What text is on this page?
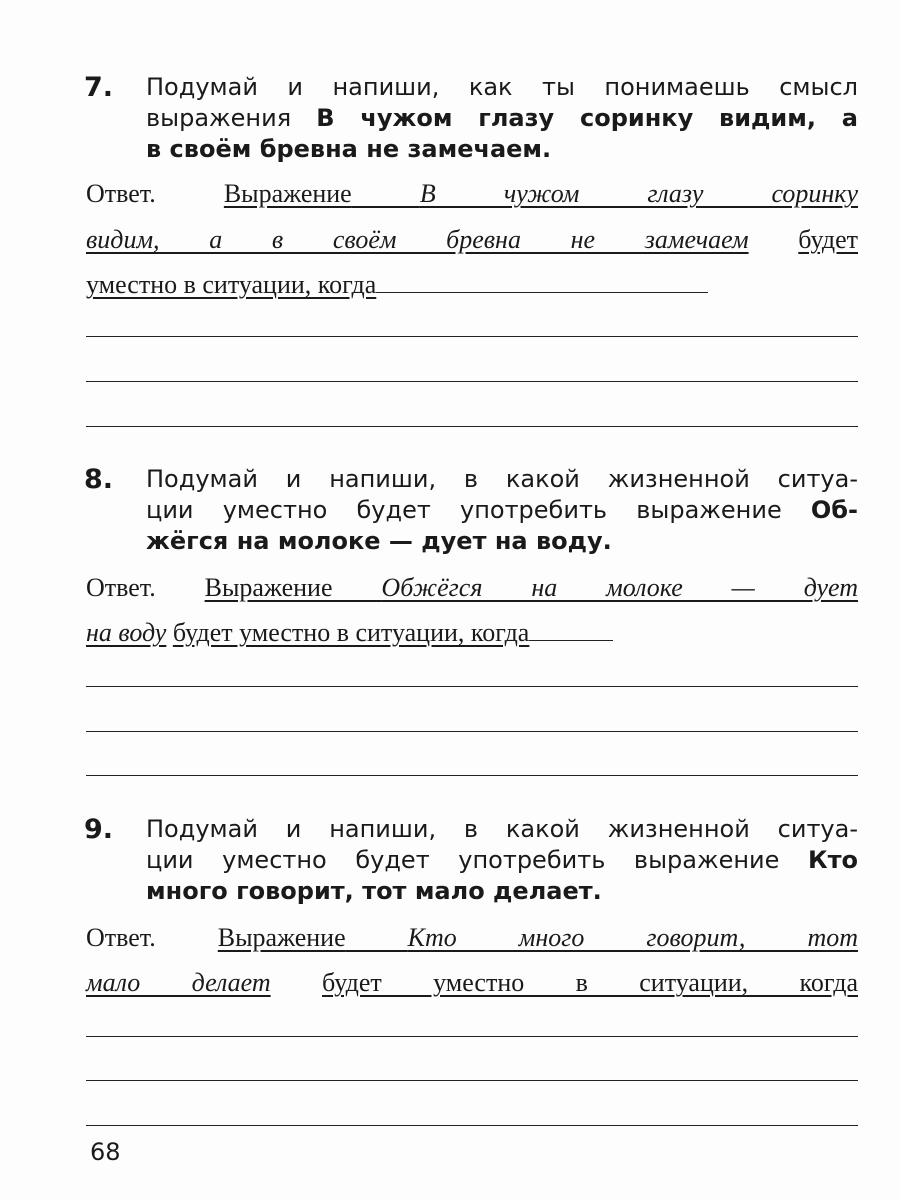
7. Подумай и напиши, как ты понимаешь смысл
выражения В чужом глазу соринку видим, а
в своём бревна не замечаем.
Ответ.	Выражение	В чужом глазу соринку
видим, а в своём бревна не замечаем будет
уместно в ситуации, когда
8. Подумай и напиши, в какой жизненной ситуа-
ции уместно будет употребить выражение Об-
жёгся на молоке — дует на воду.
Ответ. Выражение Обжёгся на молоке — дует
на воду будет уместно в ситуации, когда
9. Подумай и напиши, в какой жизненной ситуа-
ции уместно будет употребить выражение Кто
много говорит, тот мало делает.
Ответ. Выражение Кто много говорит, тот
мало делает будет уместно в ситуации, когда
68
